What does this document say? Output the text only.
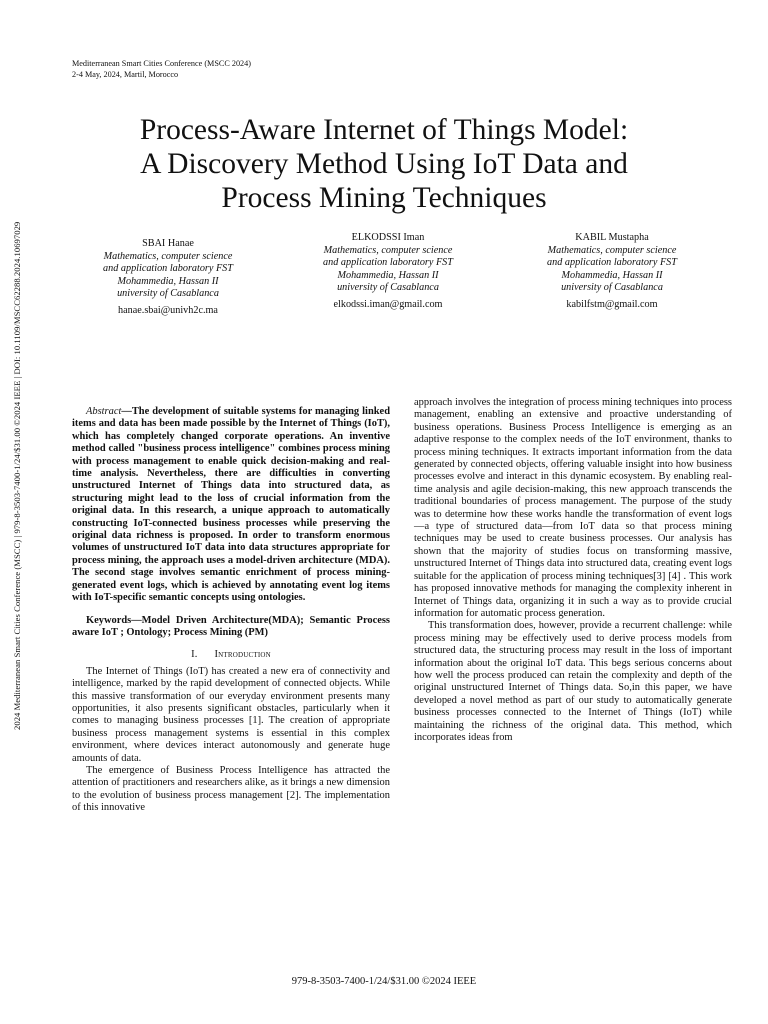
Mediterranean Smart Cities Conference (MSCC 2024)
2-4 May, 2024, Martil, Morocco
2024 Mediterranean Smart Cities Conference (MSCC) | 979-8-3503-7400-1/24/$31.00 ©2024 IEEE | DOI: 10.1109/MSCC62288.2024.10697029
Process-Aware Internet of Things Model:
A Discovery Method Using IoT Data and
Process Mining Techniques
SBAI Hanae
Mathematics, computer science
and application laboratory FST
Mohammedia, Hassan II
university of Casablanca
hanae.sbai@univh2c.ma
ELKODSSI Iman
Mathematics, computer science
and application laboratory FST
Mohammedia, Hassan II
university of Casablanca
elkodssi.iman@gmail.com
KABIL Mustapha
Mathematics, computer science
and application laboratory FST
Mohammedia, Hassan II
university of Casablanca
kabilfstm@gmail.com

Abstract—The development of suitable systems for managing linked items and data has been made possible by the Internet of Things (IoT), which has completely changed corporate operations. An inventive method called "business process intelligence" combines process mining with process management to enable quick decision-making and real-time analysis. Nevertheless, there are difficulties in converting unstructured Internet of Things data into structured data, as structuring might lead to the loss of crucial information from the original data. In this research, a unique approach to automatically constructing IoT-connected business processes while preserving the original data richness is proposed. In order to transform enormous volumes of unstructured IoT data into data structures appropriate for process mining, the approach uses a model-driven architecture (MDA). The second stage involves semantic enrichment of process mining-generated event logs, which is achieved by annotating event log items with IoT-specific semantic concepts using ontologies.

Keywords—Model Driven Architecture(MDA); Semantic Process aware IoT ; Ontology; Process Mining (PM)

I. Introduction

The Internet of Things (IoT) has created a new era of connectivity and intelligence, marked by the rapid development of connected objects. While this massive transformation of our everyday environment presents many opportunities, it also presents significant obstacles, particularly when it comes to managing business processes [1]. The creation of appropriate business process management systems is essential in this complex environment, where devices interact autonomously and generate huge amounts of data.

The emergence of Business Process Intelligence has attracted the attention of practitioners and researchers alike, as it brings a new dimension to the evolution of business process management [2]. The implementation of this innovative

approach involves the integration of process mining techniques into process management, enabling an extensive and proactive understanding of business operations. Business Process Intelligence is emerging as an adaptive response to the complex needs of the IoT environment, thanks to process mining techniques. It extracts important information from the data generated by connected objects, offering valuable insight into how business processes evolve and interact in this dynamic ecosystem. By enabling real-time analysis and agile decision-making, this new approach transcends the traditional boundaries of process management. The purpose of the study was to determine how these works handle the transformation of event logs—a type of structured data—from IoT data so that process mining techniques may be used to create business processes. Our analysis has shown that the majority of studies focus on transforming massive, unstructured Internet of Things data into structured data, creating event logs suitable for the application of process mining techniques[3] [4] . This work has proposed innovative methods for managing the complexity inherent in Internet of Things data, organizing it in such a way as to provide crucial information for automatic process generation.

This transformation does, however, provide a recurrent challenge: while process mining may be effectively used to derive process models from structured data, the structuring process may result in the loss of important information about the original IoT data. This begs serious concerns about how well the process produced can retain the complexity and depth of the original unstructured Internet of Things data. So,in this paper, we have developed a novel method as part of our study to automatically generate business processes connected to the Internet of Things (IoT) while maintaining the richness of the original data. This method, which incorporates ideas from

979-8-3503-7400-1/24/$31.00 ©2024 IEEE
